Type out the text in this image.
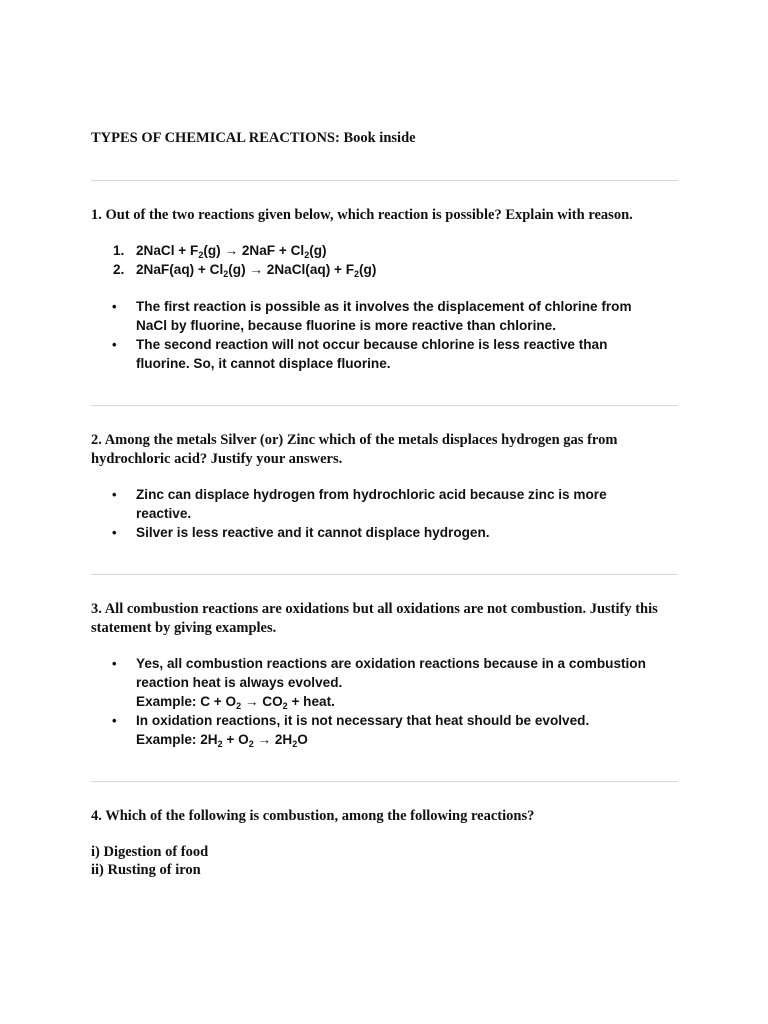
TYPES OF CHEMICAL REACTIONS: Book inside

1. Out of the two reactions given below, which reaction is possible? Explain with reason.

1. 2NaCl + $F_2(g) \to 2NaF + Cl_2(g)$
2. $2NaF(aq) + Cl_2(g)$ → 2NaCl(aq) + $F_2(g)$
• The first reaction is possible as it involves the displacement of chlorine from NaCl by fluorine, because fluorine is more reactive than chlorine.
• The second reaction will not occur because chlorine is less reactive than fluorine. So, it cannot displace fluorine.

2. Among the metals Silver (or) Zinc which of the metals displaces hydrogen gas from hydrochloric acid? Justify your answers.

• Zinc can displace hydrogen from hydrochloric acid because zinc is more reactive.
• Silver is less reactive and it cannot displace hydrogen.

3. All combustion reactions are oxidations but all oxidations are not combustion. Justify this statement by giving examples.

• Yes, all combustion reactions are oxidation reactions because in a combustion reaction heat is always evolved.
Example: $C + O_2 \to CO_2$ + heat.
• In oxidation reactions, it is not necessary that heat should be evolved.
Example: $2H_2 + O_2 \to 2H_2O$

4. Which of the following is combustion, among the following reactions?

i) Digestion of food
ii) Rusting of iron
